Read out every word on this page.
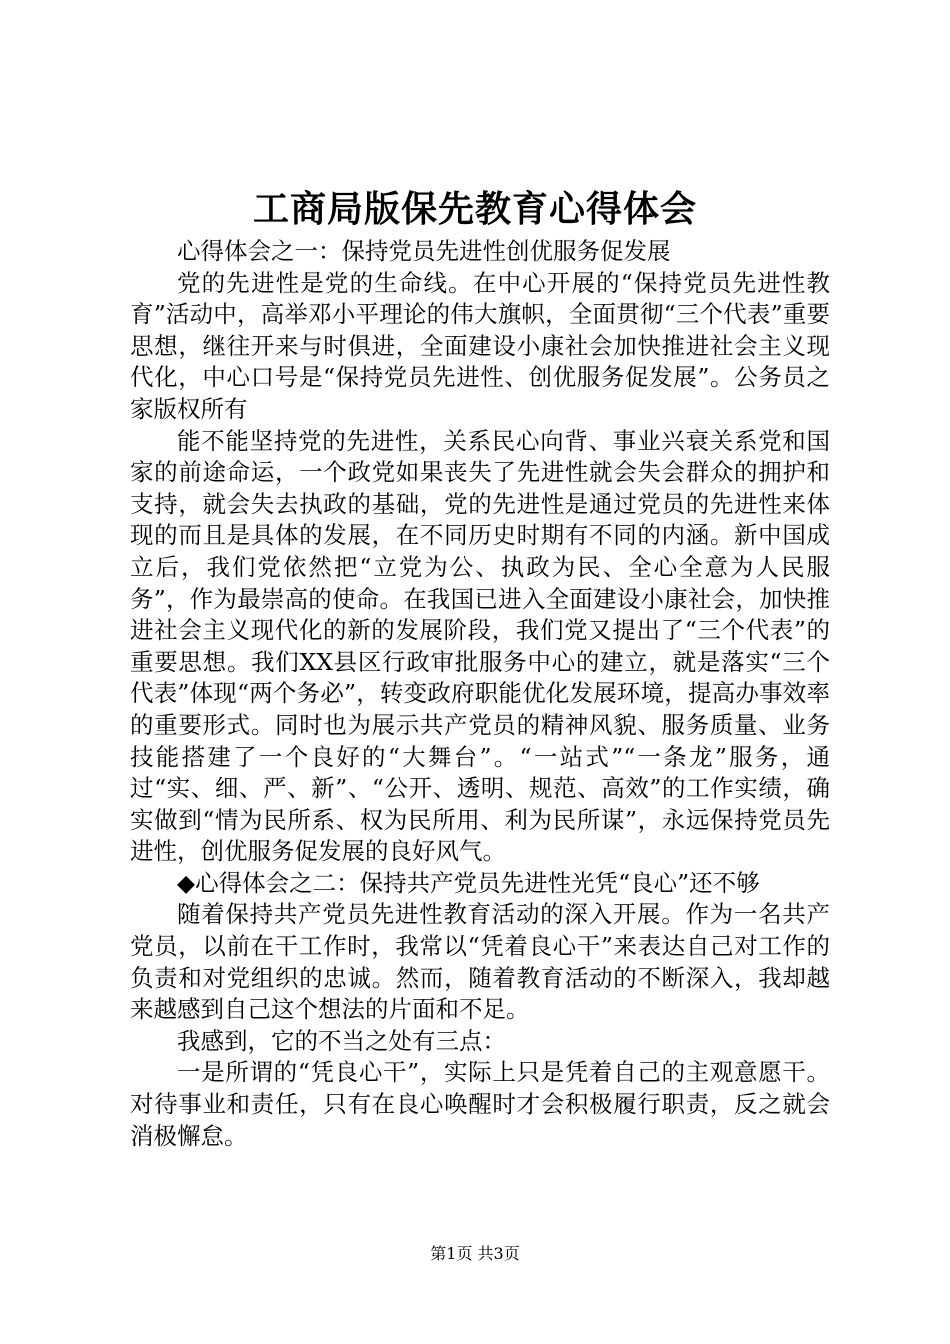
工商局版保先教育心得体会

心得体会之一：保持党员先进性创优服务促发展

党的先进性是党的生命线。在中心开展的“保持党员先进性教育”活动中，高举邓小平理论的伟大旗帜，全面贯彻“三个代表”重要思想，继往开来与时俱进，全面建设小康社会加快推进社会主义现代化，中心口号是“保持党员先进性、创优服务促发展”。公务员之家版权所有

能不能坚持党的先进性，关系民心向背、事业兴衰关系党和国家的前途命运，一个政党如果丧失了先进性就会失会群众的拥护和支持，就会失去执政的基础，党的先进性是通过党员的先进性来体现的而且是具体的发展，在不同历史时期有不同的内涵。新中国成立后，我们党依然把“立党为公、执政为民、全心全意为人民服务”，作为最崇高的使命。在我国已进入全面建设小康社会，加快推进社会主义现代化的新的发展阶段，我们党又提出了“三个代表”的重要思想。我们XX县区行政审批服务中心的建立，就是落实“三个代表”体现“两个务必”，转变政府职能优化发展环境，提高办事效率的重要形式。同时也为展示共产党员的精神风貌、服务质量、业务技能搭建了一个良好的“大舞台”。“一站式”“一条龙”服务，通过“实、细、严、新”、“公开、透明、规范、高效”的工作实绩，确实做到“情为民所系、权为民所用、利为民所谋”，永远保持党员先进性，创优服务促发展的良好风气。

◆心得体会之二：保持共产党员先进性光凭“良心”还不够

随着保持共产党员先进性教育活动的深入开展。作为一名共产党员，以前在干工作时，我常以“凭着良心干”来表达自己对工作的负责和对党组织的忠诚。然而，随着教育活动的不断深入，我却越来越感到自己这个想法的片面和不足。

我感到，它的不当之处有三点：

一是所谓的“凭良心干”，实际上只是凭着自己的主观意愿干。对待事业和责任，只有在良心唤醒时才会积极履行职责，反之就会消极懈怠。

第1页 共3页
